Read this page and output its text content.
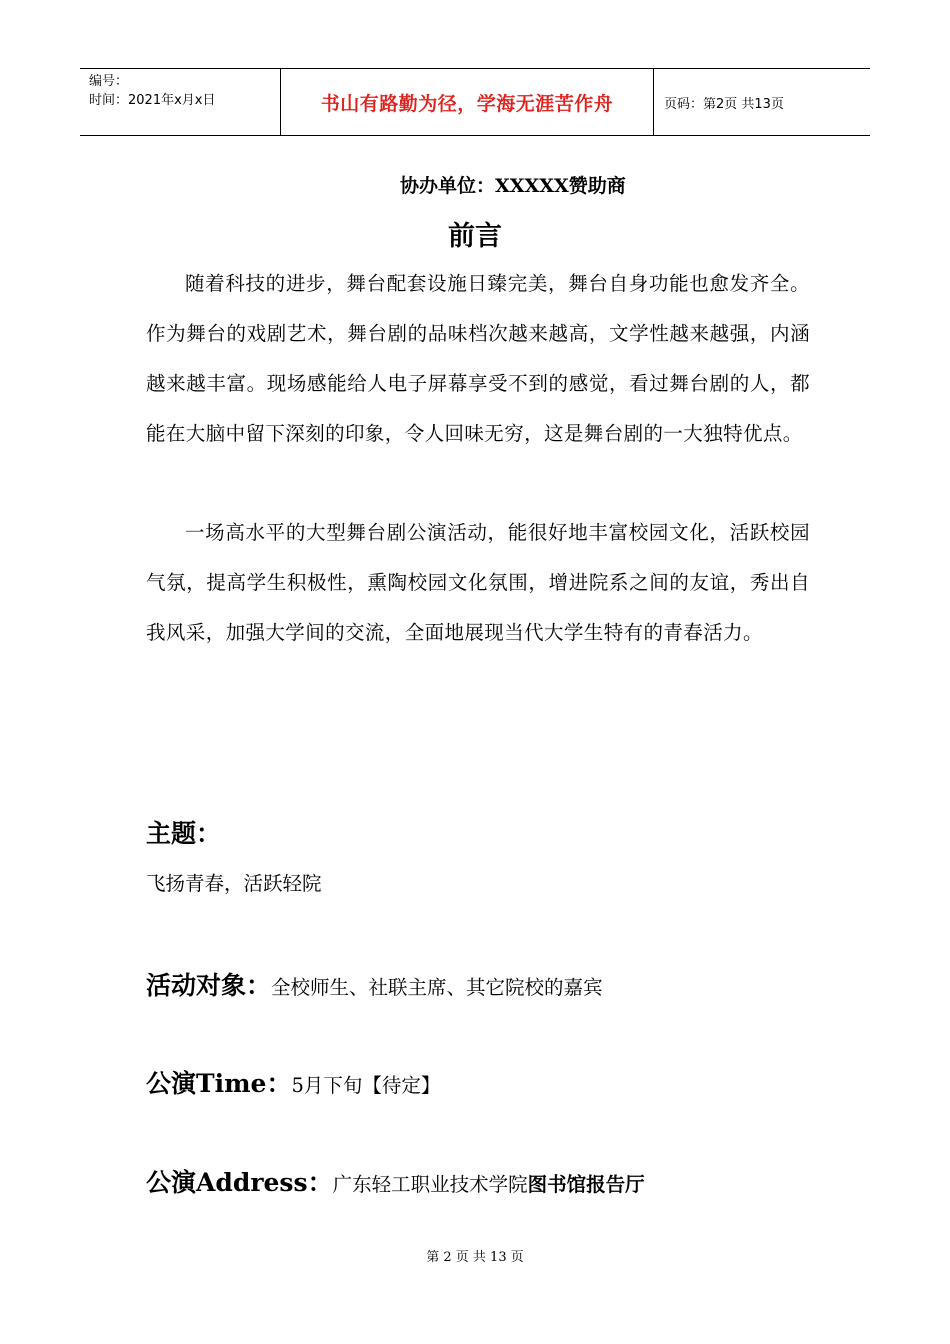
编号：
时间：2021年x月x日	书山有路勤为径，学海无涯苦作舟	页码：第2页 共13页
协办单位：XXXXX赞助商
前言
随着科技的进步，舞台配套设施日臻完美，舞台自身功能也愈发齐全。作为舞台的戏剧艺术，舞台剧的品味档次越来越高，文学性越来越强，内涵越来越丰富。现场感能给人电子屏幕享受不到的感觉，看过舞台剧的人，都能在大脑中留下深刻的印象，令人回味无穷，这是舞台剧的一大独特优点。
一场高水平的大型舞台剧公演活动，能很好地丰富校园文化，活跃校园气氛，提高学生积极性，熏陶校园文化氛围，增进院系之间的友谊，秀出自我风采，加强大学间的交流，全面地展现当代大学生特有的青春活力。
主题：
飞扬青春，活跃轻院
活动对象： 全校师生、社联主席、其它院校的嘉宾
公演Time： 5月下旬【待定】
公演Address： 广东轻工职业技术学院 图书馆报告厅
第 2 页 共 13 页
